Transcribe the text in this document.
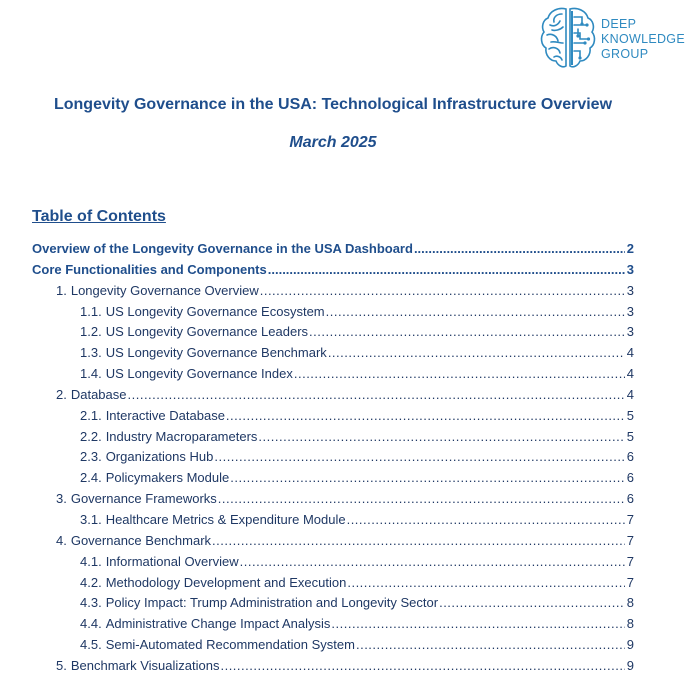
DEEP
KNOWLEDGE
GROUP
Longevity Governance in the USA: Technological Infrastructure Overview
March 2025
Table of Contents
Overview of the Longevity Governance in the USA Dashboard .....	2
Core Functionalities and Components .....	3
1. Longevity Governance Overview .....	3
1.1. US Longevity Governance Ecosystem .....	3
1.2. US Longevity Governance Leaders .....	3
1.3. US Longevity Governance Benchmark .....	4
1.4. US Longevity Governance Index .....	4
2. Database .....	4
2.1. Interactive Database .....	5
2.2. Industry Macroparameters .....	5
2.3. Organizations Hub .....	6
2.4. Policymakers Module .....	6
3. Governance Frameworks .....	6
3.1. Healthcare Metrics & Expenditure Module .....	7
4. Governance Benchmark .....	7
4.1. Informational Overview .....	7
4.2. Methodology Development and Execution .....	7
4.3. Policy Impact: Trump Administration and Longevity Sector .....	8
4.4. Administrative Change Impact Analysis .....	8
4.5. Semi-Automated Recommendation System .....	9
5. Benchmark Visualizations .....	9
